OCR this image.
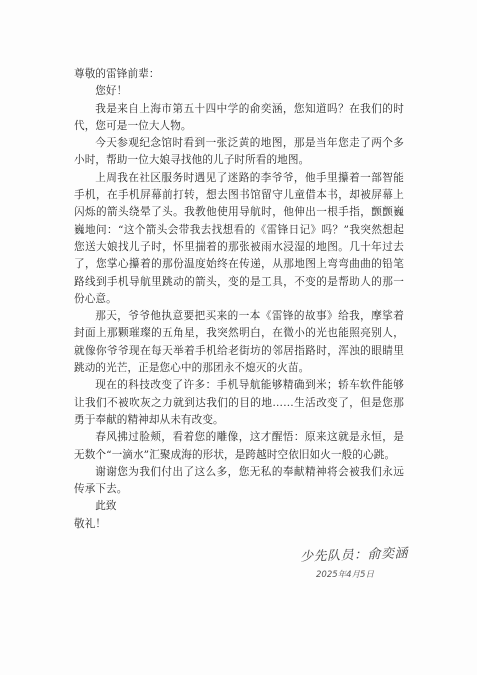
尊敬的雷锋前辈：

您好！

我是来自上海市第五十四中学的俞奕涵，您知道吗？在我们的时代，您可是一位大人物。

今天参观纪念馆时看到一张泛黄的地图，那是当年您走了两个多小时，帮助一位大娘寻找他的儿子时所看的地图。

上周我在社区服务时遇见了迷路的李爷爷，他手里攥着一部智能手机，在手机屏幕前打转，想去图书馆留守儿童借本书，却被屏幕上闪烁的箭头绕晕了头。我教他使用导航时，他伸出一根手指，颤颤巍巍地问：“这个箭头会带我去找想看的《雷锋日记》吗？”我突然想起您送大娘找儿子时，怀里揣着的那张被雨水浸湿的地图。几十年过去了，您掌心攥着的那份温度始终在传递，从那地图上弯弯曲曲的铅笔路线到手机导航里跳动的箭头，变的是工具，不变的是帮助人的那一份心意。

那天，爷爷他执意要把买来的一本《雷锋的故事》给我，摩挲着封面上那颗璀璨的五角星，我突然明白，在微小的光也能照亮别人，就像你爷爷现在每天举着手机给老街坊的邻居指路时，浑浊的眼睛里跳动的光芒，正是您心中的那团永不熄灭的火苗。

现在的科技改变了许多：手机导航能够精确到米；轿车软件能够让我们不被吹灰之力就到达我们的目的地……生活改变了，但是您那勇于奉献的精神却从未有改变。

春风拂过脸颊，看着您的雕像，这才醒悟：原来这就是永恒，是无数个“一滴水”汇聚成海的形状，是跨越时空依旧如火一般的心跳。

谢谢您为我们付出了这么多，您无私的奉献精神将会被我们永远传承下去。

此致

敬礼！

少先队员：俞奕涵
2025年4月5日
